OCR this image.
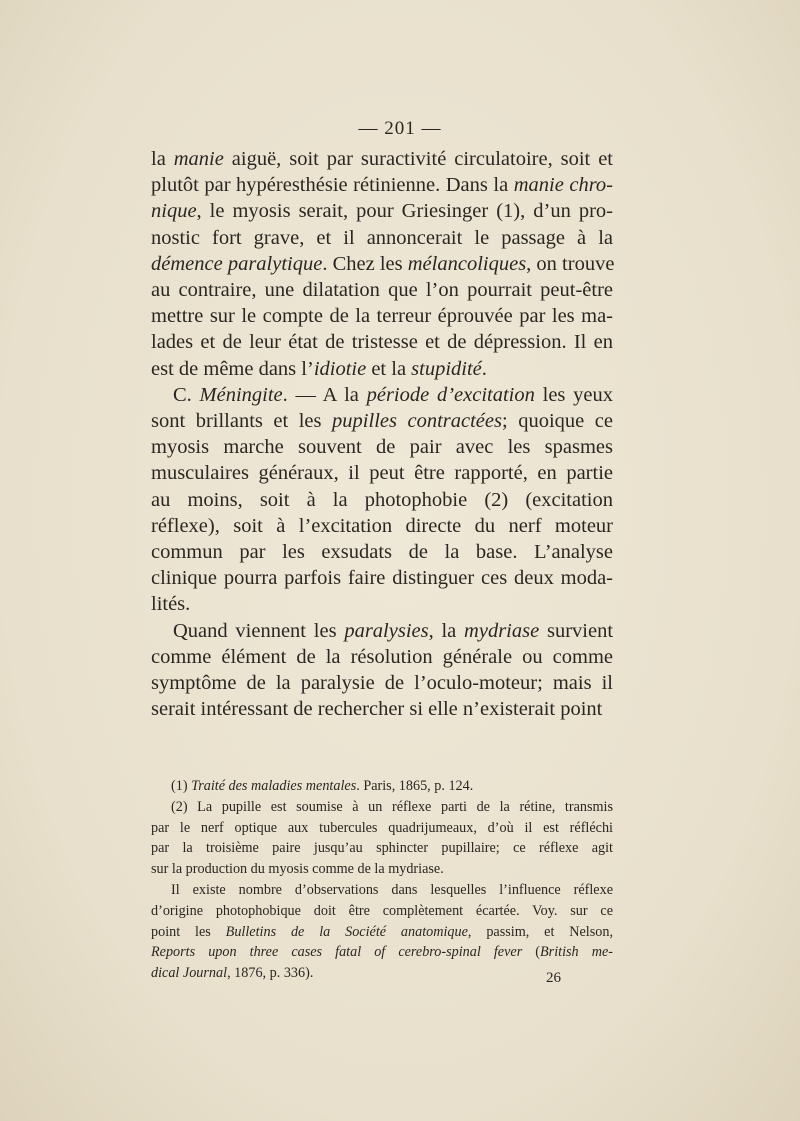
— 201 —
la manie aiguë, soit par suractivité circulatoire, soit et
plutôt par hypéresthésie rétinienne. Dans la manie chro-
nique, le myosis serait, pour Griesinger (1), d’un pro-
nostic fort grave, et il annoncerait le passage à la
démence paralytique. Chez les mélancoliques, on trouve
au contraire, une dilatation que l’on pourrait peut-être
mettre sur le compte de la terreur éprouvée par les ma-
lades et de leur état de tristesse et de dépression. Il en
est de même dans l’idiotie et la stupidité.
C. Méningite. — A la période d’excitation les yeux
sont brillants et les pupilles contractées; quoique ce
myosis marche souvent de pair avec les spasmes
musculaires généraux, il peut être rapporté, en partie
au moins, soit à la photophobie (2) (excitation
réflexe), soit à l’excitation directe du nerf moteur
commun par les exsudats de la base. L’analyse
clinique pourra parfois faire distinguer ces deux moda-
lités.
Quand viennent les paralysies, la mydriase survient
comme élément de la résolution générale ou comme
symptôme de la paralysie de l’oculo-moteur; mais il
serait intéressant de rechercher si elle n’existerait point
(1) Traité des maladies mentales. Paris, 1865, p. 124.
(2) La pupille est soumise à un réflexe parti de la rétine, transmis
par le nerf optique aux tubercules quadrijumeaux, d’où il est réfléchi
par la troisième paire jusqu’au sphincter pupillaire; ce réflexe agit
sur la production du myosis comme de la mydriase.
Il existe nombre d’observations dans lesquelles l’influence réflexe
d’origine photophobique doit être complètement écartée. Voy. sur ce
point les Bulletins de la Société anatomique, passim, et Nelson,
Reports upon three cases fatal of cerebro-spinal fever (British me-
dical Journal, 1876, p. 336).	26
